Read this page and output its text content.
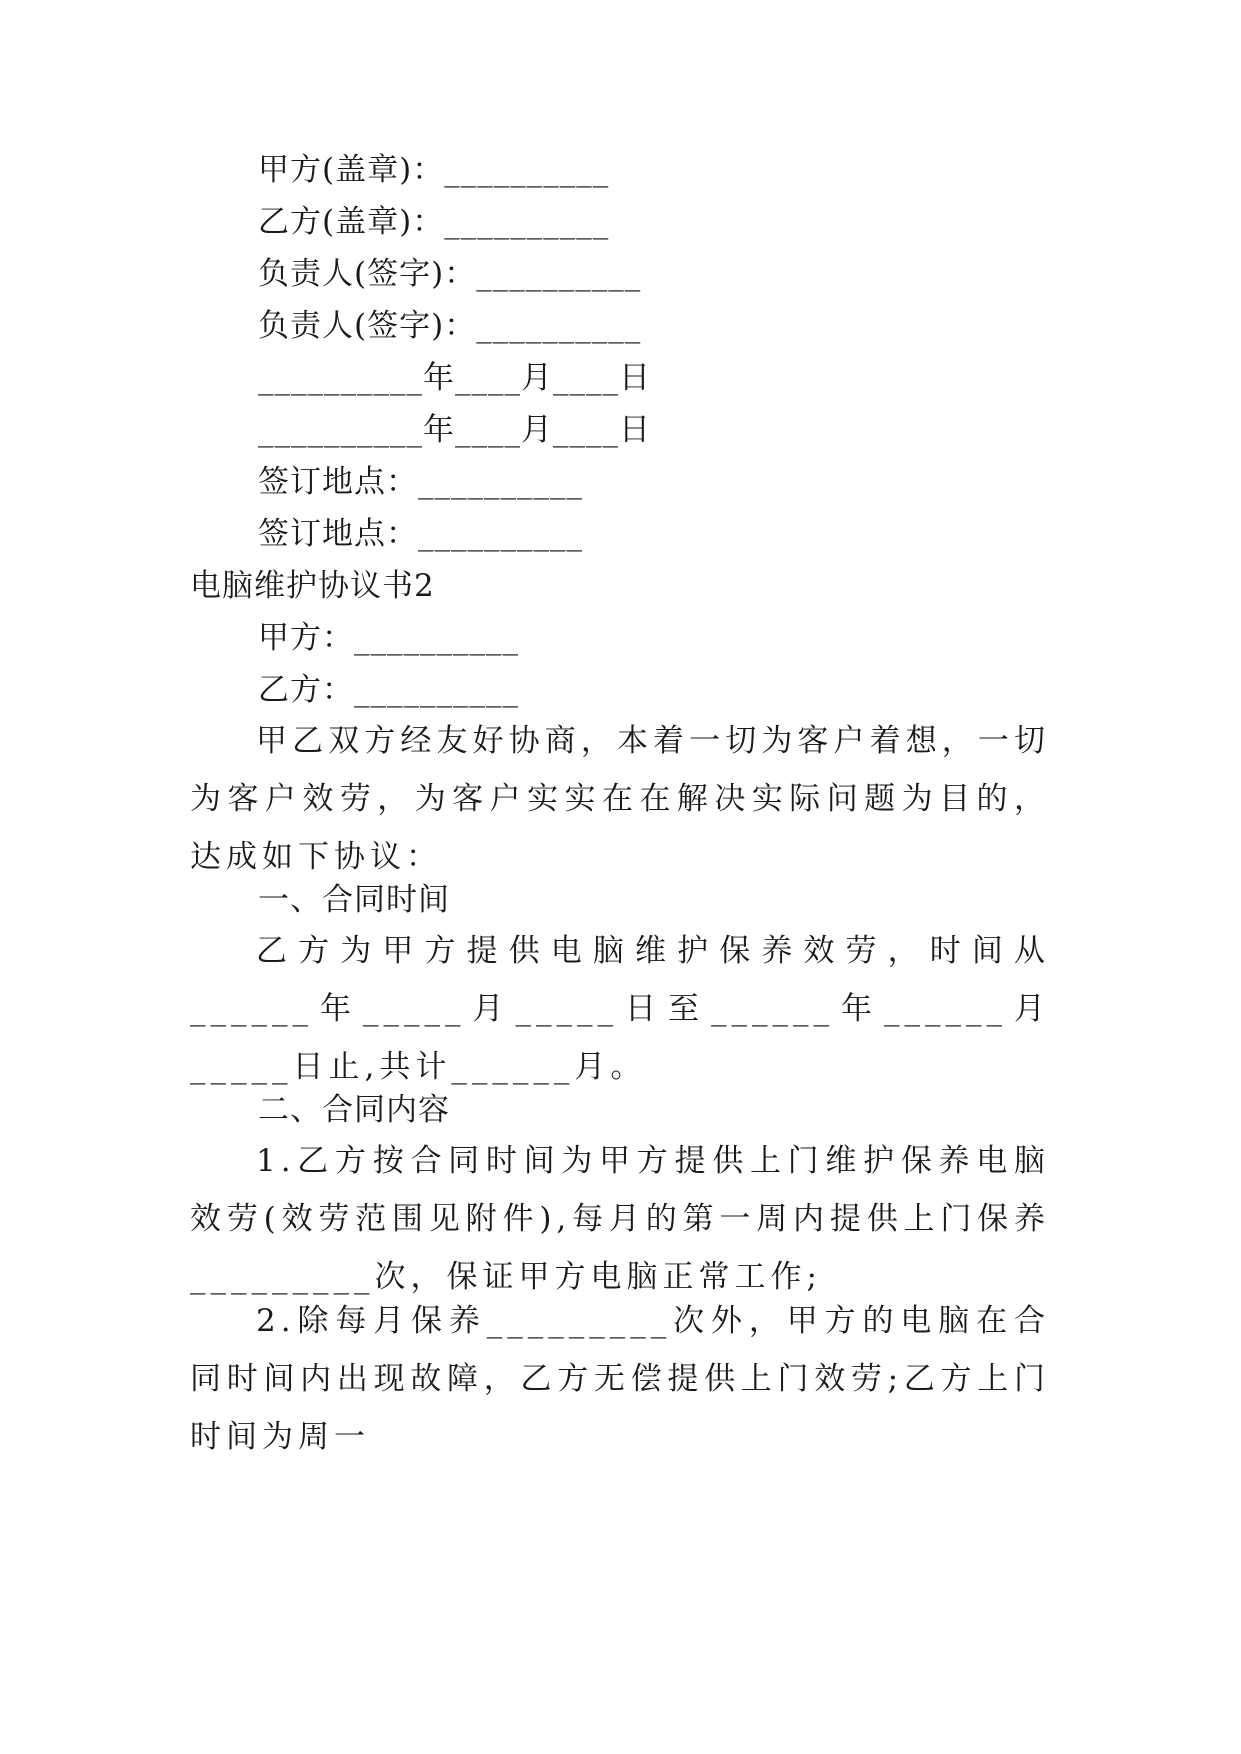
甲方(盖章)：__________
乙方(盖章)：__________
负责人(签字)：__________
负责人(签字)：__________
__________年____月____日
__________年____月____日
签订地点：__________
签订地点：__________
电脑维护协议书2
甲方：__________
乙方：__________
甲乙双方经友好协商，本着一切为客户着想，一切为客户效劳，为客户实实在在解决实际问题为目的，达成如下协议：
一、合同时间
乙方为甲方提供电脑维护保养效劳，时间从______年_____月_____日至______年______月_____日止,共计______月。
二、合同内容
1.乙方按合同时间为甲方提供上门维护保养电脑效劳(效劳范围见附件),每月的第一周内提供上门保养_________次，保证甲方电脑正常工作;
2.除每月保养_________次外，甲方的电脑在合同时间内出现故障，乙方无偿提供上门效劳;乙方上门时间为周一
